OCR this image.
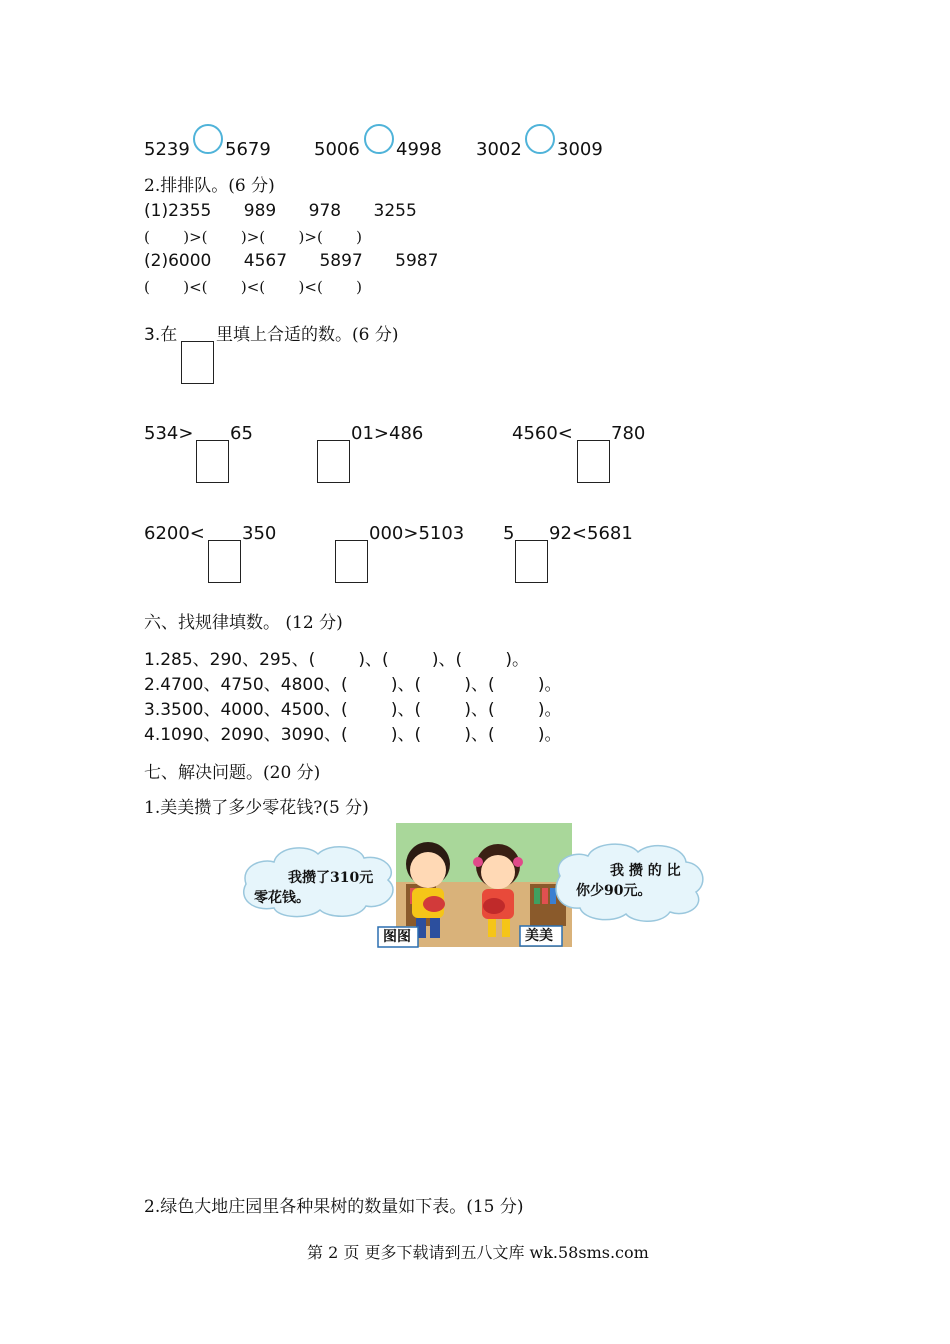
5239 5679 5006 4998 3002 3009
2.排排队。(6 分)
(1)2355      989      978      3255
(       )>(       )>(       )>(       )
(2)6000      4567      5897      5987
(       )<(       )<(       )<(       )
3.在 里填上合适的数。(6 分)
534> 65	01>486	4560< 780
6200< 350	000>5103 5 92<5681
六、找规律填数。 (12 分)
1.285、290、295、(        )、(        )、(        )。
2.4700、4750、4800、(        )、(        )、(        )。
3.3500、4000、4500、(        )、(        )、(        )。
4.1090、2090、3090、(        )、(        )、(        )。
七、解决问题。(20 分)
1.美美攒了多少零花钱?(5 分)
我攒了310元
零花钱。
我 攒 的 比
你少90元。
图图	美美
2.绿色大地庄园里各种果树的数量如下表。(15 分)
第 2 页 更多下载请到五八文库 wk.58sms.com
